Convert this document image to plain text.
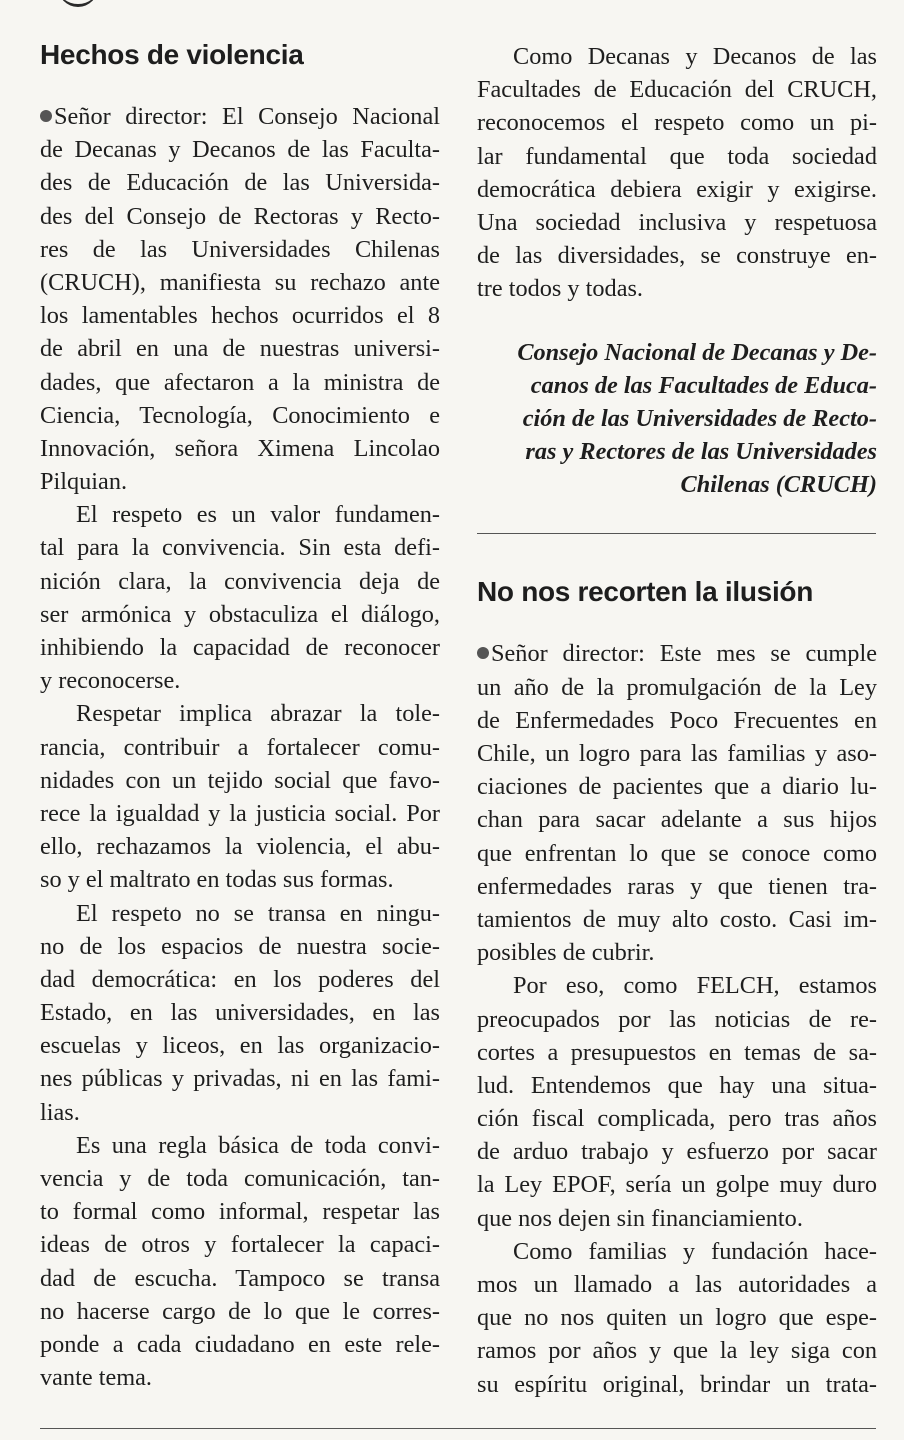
Hechos de violencia
Señor director: El Consejo Nacional
de Decanas y Decanos de las Faculta-
des de Educación de las Universida-
des del Consejo de Rectoras y Recto-
res de las Universidades Chilenas
(CRUCH), manifiesta su rechazo ante
los lamentables hechos ocurridos el 8
de abril en una de nuestras universi-
dades, que afectaron a la ministra de
Ciencia, Tecnología, Conocimiento e
Innovación, señora Ximena Lincolao
Pilquian.
El respeto es un valor fundamen-
tal para la convivencia. Sin esta defi-
nición clara, la convivencia deja de
ser armónica y obstaculiza el diálogo,
inhibiendo la capacidad de reconocer
y reconocerse.
Respetar implica abrazar la tole-
rancia, contribuir a fortalecer comu-
nidades con un tejido social que favo-
rece la igualdad y la justicia social. Por
ello, rechazamos la violencia, el abu-
so y el maltrato en todas sus formas.
El respeto no se transa en ningu-
no de los espacios de nuestra socie-
dad democrática: en los poderes del
Estado, en las universidades, en las
escuelas y liceos, en las organizacio-
nes públicas y privadas, ni en las fami-
lias.
Es una regla básica de toda convi-
vencia y de toda comunicación, tan-
to formal como informal, respetar las
ideas de otros y fortalecer la capaci-
dad de escucha. Tampoco se transa
no hacerse cargo de lo que le corres-
ponde a cada ciudadano en este rele-
vante tema.
Como Decanas y Decanos de las
Facultades de Educación del CRUCH,
reconocemos el respeto como un pi-
lar fundamental que toda sociedad
democrática debiera exigir y exigirse.
Una sociedad inclusiva y respetuosa
de las diversidades, se construye en-
tre todos y todas.
Consejo Nacional de Decanas y De-
canos de las Facultades de Educa-
ción de las Universidades de Recto-
ras y Rectores de las Universidades
Chilenas (CRUCH)
No nos recorten la ilusión
Señor director: Este mes se cumple
un año de la promulgación de la Ley
de Enfermedades Poco Frecuentes en
Chile, un logro para las familias y aso-
ciaciones de pacientes que a diario lu-
chan para sacar adelante a sus hijos
que enfrentan lo que se conoce como
enfermedades raras y que tienen tra-
tamientos de muy alto costo. Casi im-
posibles de cubrir.
Por eso, como FELCH, estamos
preocupados por las noticias de re-
cortes a presupuestos en temas de sa-
lud. Entendemos que hay una situa-
ción fiscal complicada, pero tras años
de arduo trabajo y esfuerzo por sacar
la Ley EPOF, sería un golpe muy duro
que nos dejen sin financiamiento.
Como familias y fundación hace-
mos un llamado a las autoridades a
que no nos quiten un logro que espe-
ramos por años y que la ley siga con
su espíritu original, brindar un trata-
